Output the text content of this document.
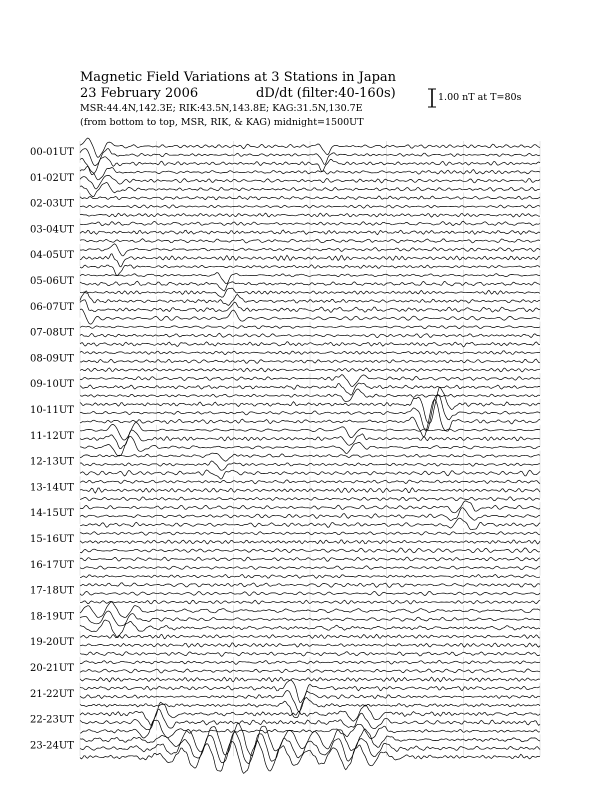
00-01UT
01-02UT
02-03UT
03-04UT
04-05UT
05-06UT
06-07UT
07-08UT
08-09UT
09-10UT
10-11UT
11-12UT
12-13UT
13-14UT
14-15UT
15-16UT
16-17UT
17-18UT
18-19UT
19-20UT
20-21UT
21-22UT
22-23UT
23-24UT
Magnetic Field Variations at 3 Stations in Japan
23 February 2006	dD/dt (filter:40-160s)
MSR:44.4N,142.3E; RIK:43.5N,143.8E; KAG:31.5N,130.7E
(from bottom to top, MSR, RIK, & KAG) midnight=1500UT
1.00 nT at T=80s
